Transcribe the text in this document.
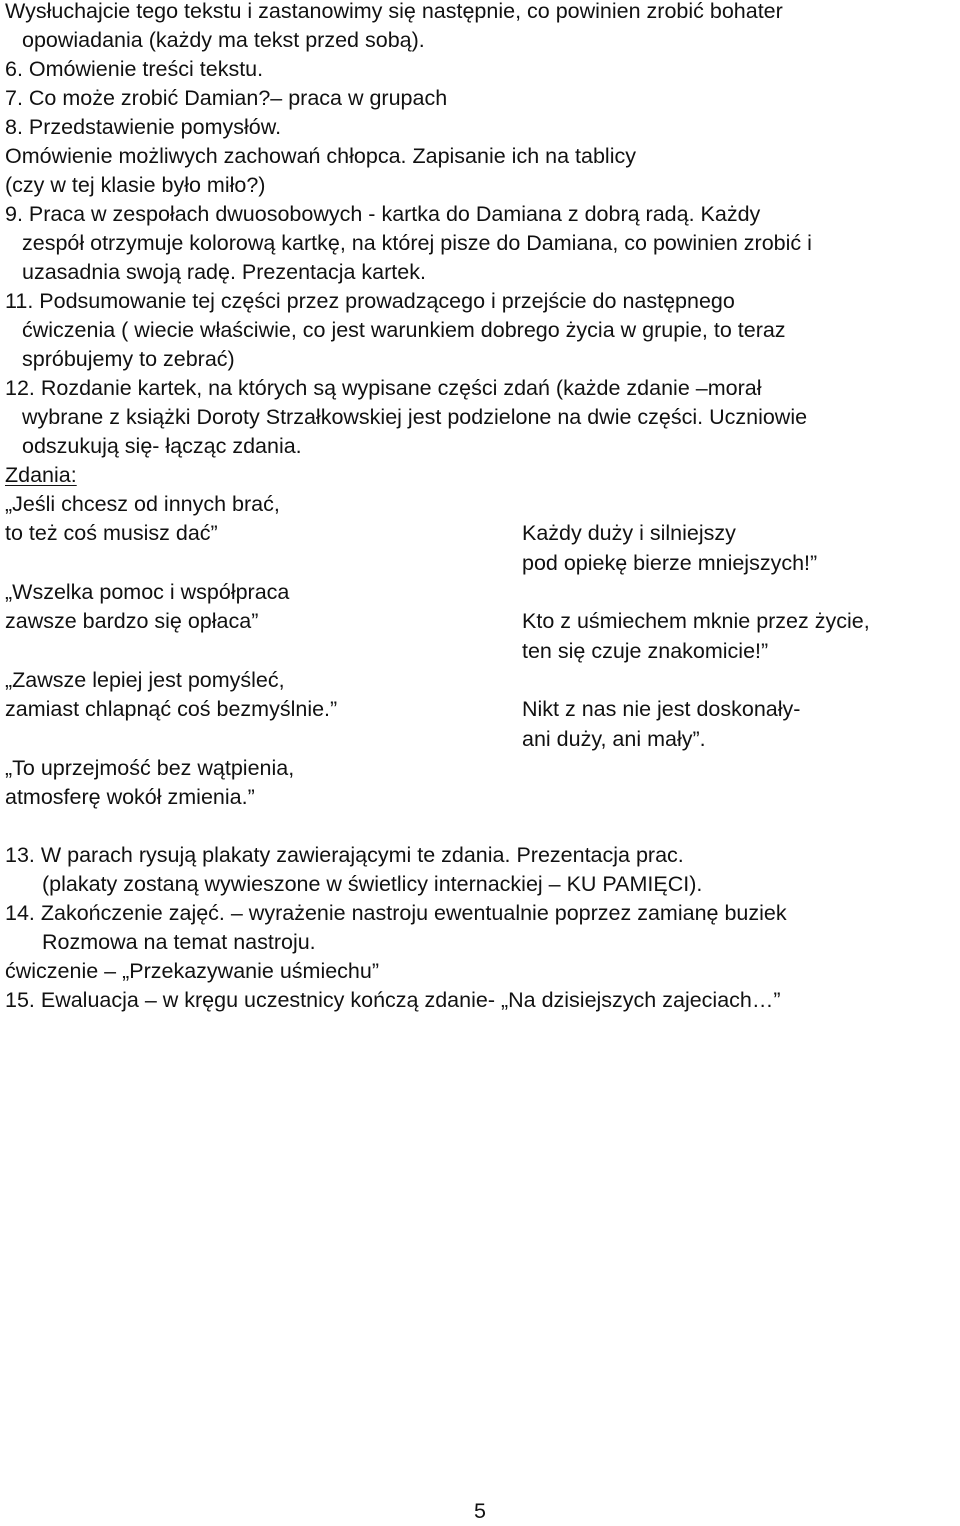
Wysłuchajcie tego tekstu i zastanowimy się następnie, co powinien zrobić bohater

opowiadania (każdy ma tekst przed sobą).

6. Omówienie treści tekstu.

7. Co może zrobić Damian?– praca w grupach

8. Przedstawienie pomysłów.

Omówienie możliwych zachowań chłopca. Zapisanie ich na tablicy

(czy w tej klasie było miło?)

9. Praca w zespołach dwuosobowych - kartka do Damiana z dobrą radą. Każdy

zespół otrzymuje kolorową kartkę, na której pisze do Damiana, co powinien zrobić i

uzasadnia swoją radę. Prezentacja kartek.

11. Podsumowanie tej części przez prowadzącego i przejście do następnego

ćwiczenia ( wiecie właściwie, co jest warunkiem dobrego życia w grupie, to teraz

spróbujemy to zebrać)

12. Rozdanie kartek, na których są wypisane części zdań (każde zdanie –morał

wybrane z książki Doroty Strzałkowskiej jest podzielone na dwie części. Uczniowie

odszukują się- łącząc zdania.

Zdania:

„Jeśli chcesz od innych brać,

to też coś musisz dać”

„Wszelka pomoc i współpraca

zawsze bardzo się opłaca”

„Zawsze lepiej jest pomyśleć,

zamiast chlapnąć coś bezmyślnie.”

„To uprzejmość bez wątpienia,

atmosferę wokół zmienia.”

Każdy duży i silniejszy

pod opiekę bierze mniejszych!”

Kto z uśmiechem mknie przez życie,

ten się czuje znakomicie!”

Nikt z nas nie jest doskonały-

ani duży, ani mały”.

13. W parach rysują plakaty zawierającymi te zdania. Prezentacja prac.

(plakaty zostaną wywieszone w świetlicy internackiej – KU PAMIĘCI).

14. Zakończenie zajęć. – wyrażenie nastroju ewentualnie poprzez zamianę buziek

Rozmowa na temat nastroju.

ćwiczenie – „Przekazywanie uśmiechu”

15. Ewaluacja – w kręgu uczestnicy kończą zdanie- „Na dzisiejszych zajeciach…”

5
